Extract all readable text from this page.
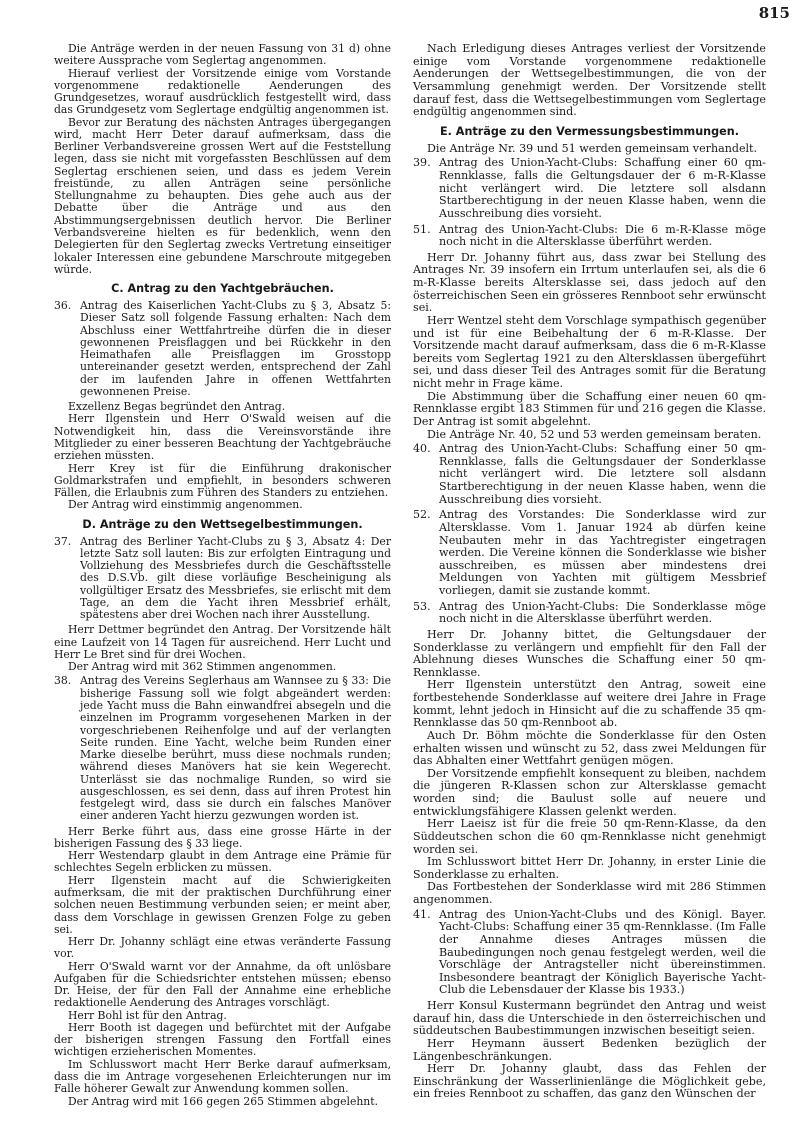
815

Die Anträge werden in der neuen Fassung von 31 d) ohne weitere Aussprache vom Seglertag angenommen.

Hierauf verliest der Vorsitzende einige vom Vorstande vorgenommene redaktionelle Aenderungen des Grundgesetzes, worauf ausdrücklich festgestellt wird, dass das Grundgesetz vom Seglertage endgültig angenommen ist.

Bevor zur Beratung des nächsten Antrages übergegangen wird, macht Herr Deter darauf aufmerksam, dass die Berliner Verbandsvereine grossen Wert auf die Feststellung legen, dass sie nicht mit vorgefassten Beschlüssen auf dem Seglertag erschienen seien, und dass es jedem Verein freistünde, zu allen Anträgen seine persönliche Stellungnahme zu behaupten. Dies gehe auch aus der Debatte über die Anträge und aus den Abstimmungsergebnissen deutlich hervor. Die Berliner Verbandsvereine hielten es für bedenklich, wenn den Delegierten für den Seglertag zwecks Vertretung einseitiger lokaler Interessen eine gebundene Marschroute mitgegeben würde.

C. Antrag zu den Yachtgebräuchen.
36. Antrag des Kaiserlichen Yacht-Clubs zu § 3, Absatz 5: Dieser Satz soll folgende Fassung erhalten: Nach dem Abschluss einer Wettfahrtreihe dürfen die in dieser gewonnenen Preisflaggen und bei Rückkehr in den Heimathafen alle Preisflaggen im Grosstopp untereinander gesetzt werden, entsprechend der Zahl der im laufenden Jahre in offenen Wettfahrten gewonnenen Preise.

Exzellenz Begas begründet den Antrag.

Herr Ilgenstein und Herr O'Swald weisen auf die Notwendigkeit hin, dass die Vereinsvorstände ihre Mitglieder zu einer besseren Beachtung der Yachtgebräuche erziehen müssten.

Herr Krey ist für die Einführung drakonischer Goldmarkstrafen und empfiehlt, in besonders schweren Fällen, die Erlaubnis zum Führen des Standers zu entziehen.

Der Antrag wird einstimmig angenommen.

D. Anträge zu den Wettsegelbestimmungen.
37. Antrag des Berliner Yacht-Clubs zu § 3, Absatz 4: Der letzte Satz soll lauten: Bis zur erfolgten Eintragung und Vollziehung des Messbriefes durch die Geschäftsstelle des D.S.Vb. gilt diese vorläufige Bescheinigung als vollgültiger Ersatz des Messbriefes, sie erlischt mit dem Tage, an dem die Yacht ihren Messbrief erhält, spätestens aber drei Wochen nach ihrer Ausstellung.

Herr Dettmer begründet den Antrag. Der Vorsitzende hält eine Laufzeit von 14 Tagen für ausreichend. Herr Lucht und Herr Le Bret sind für drei Wochen.

Der Antrag wird mit 362 Stimmen angenommen.

38. Antrag des Vereins Seglerhaus am Wannsee zu § 33: Die bisherige Fassung soll wie folgt abgeändert werden: jede Yacht muss die Bahn einwandfrei absegeln und die einzelnen im Programm vorgesehenen Marken in der vorgeschriebenen Reihenfolge und auf der verlangten Seite runden. Eine Yacht, welche beim Runden einer Marke dieselbe berührt, muss diese nochmals runden; während dieses Manövers hat sie kein Wegerecht. Unterlässt sie das nochmalige Runden, so wird sie ausgeschlossen, es sei denn, dass auf ihren Protest hin festgelegt wird, dass sie durch ein falsches Manöver einer anderen Yacht hierzu gezwungen worden ist.

Herr Berke führt aus, dass eine grosse Härte in der bisherigen Fassung des § 33 liege.

Herr Westendarp glaubt in dem Antrage eine Prämie für schlechtes Segeln erblicken zu müssen.

Herr Ilgenstein macht auf die Schwierigkeiten aufmerksam, die mit der praktischen Durchführung einer solchen neuen Bestimmung verbunden seien; er meint aber, dass dem Vorschlage in gewissen Grenzen Folge zu geben sei.

Herr Dr. Johanny schlägt eine etwas veränderte Fassung vor.

Herr O'Swald warnt vor der Annahme, da oft unlösbare Aufgaben für die Schiedsrichter entstehen müssen; ebenso Dr. Heise, der für den Fall der Annahme eine erhebliche redaktionelle Aenderung des Antrages vorschlägt.

Herr Bohl ist für den Antrag.

Herr Booth ist dagegen und befürchtet mit der Aufgabe der bisherigen strengen Fassung den Fortfall eines wichtigen erzieherischen Momentes.

Im Schlusswort macht Herr Berke darauf aufmerksam, dass die im Antrage vorgesehenen Erleichterungen nur im Falle höherer Gewalt zur Anwendung kommen sollen.

Der Antrag wird mit 166 gegen 265 Stimmen abgelehnt.

Nach Erledigung dieses Antrages verliest der Vorsitzende einige vom Vorstande vorgenommene redaktionelle Aenderungen der Wettsegelbestimmungen, die von der Versammlung genehmigt werden. Der Vorsitzende stellt darauf fest, dass die Wettsegelbestimmungen vom Seglertage endgültig angenommen sind.

E. Anträge zu den Vermessungsbestimmungen.

Die Anträge Nr. 39 und 51 werden gemeinsam verhandelt.

39. Antrag des Union-Yacht-Clubs: Schaffung einer 60 qm-Rennklasse, falls die Geltungsdauer der 6 m-R-Klasse nicht verlängert wird. Die letztere soll alsdann Startberechtigung in der neuen Klasse haben, wenn die Ausschreibung dies vorsieht.
51. Antrag des Union-Yacht-Clubs: Die 6 m-R-Klasse möge noch nicht in die Altersklasse überführt werden.

Herr Dr. Johanny führt aus, dass zwar bei Stellung des Antrages Nr. 39 insofern ein Irrtum unterlaufen sei, als die 6 m-R-Klasse bereits Altersklasse sei, dass jedoch auf den österreichischen Seen ein grösseres Rennboot sehr erwünscht sei.

Herr Wentzel steht dem Vorschlage sympathisch gegenüber und ist für eine Beibehaltung der 6 m-R-Klasse. Der Vorsitzende macht darauf aufmerksam, dass die 6 m-R-Klasse bereits vom Seglertag 1921 zu den Altersklassen übergeführt sei, und dass dieser Teil des Antrages somit für die Beratung nicht mehr in Frage käme.

Die Abstimmung über die Schaffung einer neuen 60 qm-Rennklasse ergibt 183 Stimmen für und 216 gegen die Klasse. Der Antrag ist somit abgelehnt.

Die Anträge Nr. 40, 52 und 53 werden gemeinsam beraten.

40. Antrag des Union-Yacht-Clubs: Schaffung einer 50 qm-Rennklasse, falls die Geltungsdauer der Sonderklasse nicht verlängert wird. Die letztere soll alsdann Startberechtigung in der neuen Klasse haben, wenn die Ausschreibung dies vorsieht.
52. Antrag des Vorstandes: Die Sonderklasse wird zur Altersklasse. Vom 1. Januar 1924 ab dürfen keine Neubauten mehr in das Yachtregister eingetragen werden. Die Vereine können die Sonderklasse wie bisher ausschreiben, es müssen aber mindestens drei Meldungen von Yachten mit gültigem Messbrief vorliegen, damit sie zustande kommt.
53. Antrag des Union-Yacht-Clubs: Die Sonderklasse möge noch nicht in die Altersklasse überführt werden.

Herr Dr. Johanny bittet, die Geltungsdauer der Sonderklasse zu verlängern und empfiehlt für den Fall der Ablehnung dieses Wunsches die Schaffung einer 50 qm-Rennklasse.

Herr Ilgenstein unterstützt den Antrag, soweit eine fortbestehende Sonderklasse auf weitere drei Jahre in Frage kommt, lehnt jedoch in Hinsicht auf die zu schaffende 35 qm-Rennklasse das 50 qm-Rennboot ab.

Auch Dr. Böhm möchte die Sonderklasse für den Osten erhalten wissen und wünscht zu 52, dass zwei Meldungen für das Abhalten einer Wettfahrt genügen mögen.

Der Vorsitzende empfiehlt konsequent zu bleiben, nachdem die jüngeren R-Klassen schon zur Altersklasse gemacht worden sind; die Baulust solle auf neuere und entwicklungsfähigere Klassen gelenkt werden.

Herr Laeisz ist für die freie 50 qm-Renn-Klasse, da den Süddeutschen schon die 60 qm-Rennklasse nicht genehmigt worden sei.

Im Schlusswort bittet Herr Dr. Johanny, in erster Linie die Sonderklasse zu erhalten.

Das Fortbestehen der Sonderklasse wird mit 286 Stimmen angenommen.

41. Antrag des Union-Yacht-Clubs und des Königl. Bayer. Yacht-Clubs: Schaffung einer 35 qm-Rennklasse. (Im Falle der Annahme dieses Antrages müssen die Baubedingungen noch genau festgelegt werden, weil die Vorschläge der Antragsteller nicht übereinstimmen. Insbesondere beantragt der Königlich Bayerische Yacht-Club die Lebensdauer der Klasse bis 1933.)

Herr Konsul Kustermann begründet den Antrag und weist darauf hin, dass die Unterschiede in den österreichischen und süddeutschen Baubestimmungen inzwischen beseitigt seien.

Herr Heymann äussert Bedenken bezüglich der Längenbeschränkungen.

Herr Dr. Johanny glaubt, dass das Fehlen der Einschränkung der Wasserlinienlänge die Möglichkeit gebe, ein freies Rennboot zu schaffen, das ganz den Wünschen der
